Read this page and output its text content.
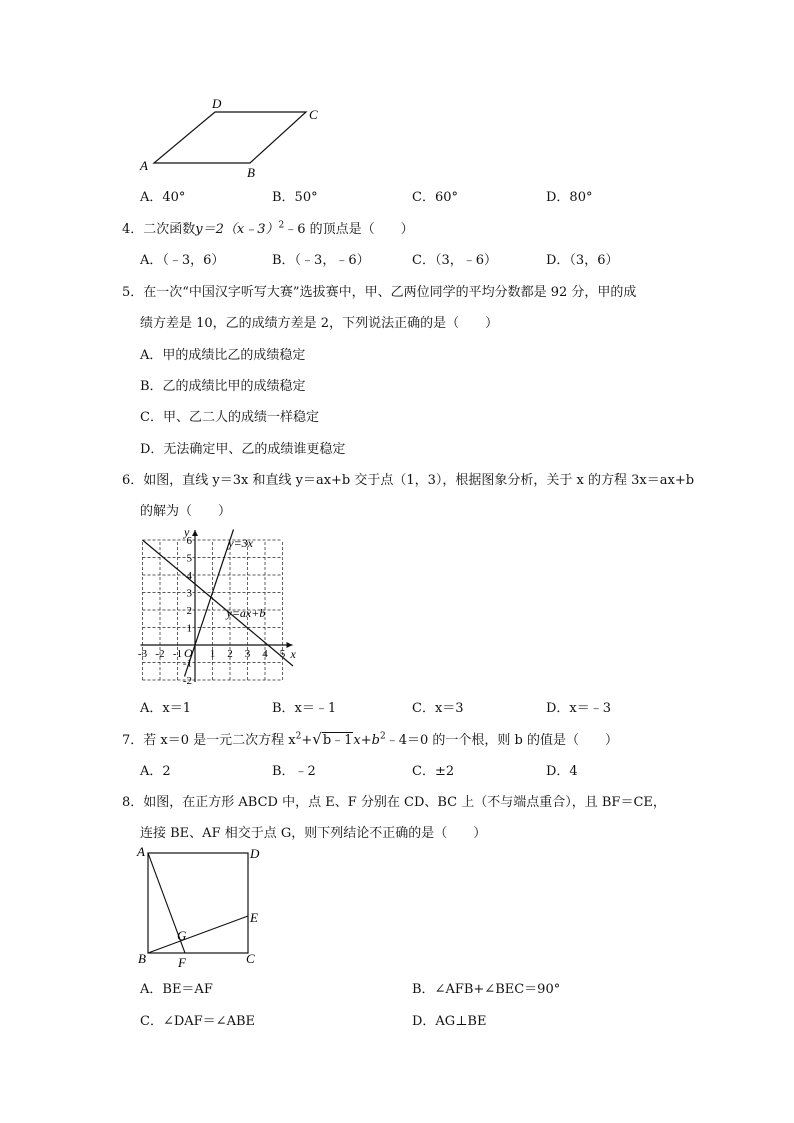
A	B
C
D
A．40°	B．50°	C．60°	D．80°
4．二次函数y＝2（x﹣3）$^2$﹣6 的顶点是（　　）
A．（﹣3，6）	B．（﹣3，﹣6）	C．（3，﹣6）	D．（3，6）
5．在一次“中国汉字听写大赛”选拔赛中，甲、乙两位同学的平均分数都是 92 分，甲的成
绩方差是 10，乙的成绩方差是 2，下列说法正确的是（　　）
A．甲的成绩比乙的成绩稳定
B．乙的成绩比甲的成绩稳定
C．甲、乙二人的成绩一样稳定
D．无法确定甲、乙的成绩谁更稳定
6．如图，直线 y＝3x 和直线 y＝ax+b 交于点（1，3），根据图象分析，关于 x 的方程 3x＝ax+b
的解为（　　）
-3 -2 -1	1 2 3 4 5
-2
-1
1
2
3
4
5
6
O	x
y
y=3x
y=ax+b
A．x＝1	B．x＝﹣1	C．x＝3	D．x＝﹣3
7．若 x＝0 是一元二次方程 $x^2+√b﹣1x+b^2﹣4=0$ 的一个根，则 b 的值是（　　）
A．2	B．﹣2	C．±2	D．4
8．如图，在正方形 ABCD 中，点 E、F 分别在 CD、BC 上（不与端点重合），且 BF＝CE，
连接 BE、AF 相交于点 G，则下列结论不正确的是（　　）
A	D
E
G
B F	C
A．BE＝AF	B．∠AFB+∠BEC＝90°
C．∠DAF＝∠ABE	D．AG⊥BE
